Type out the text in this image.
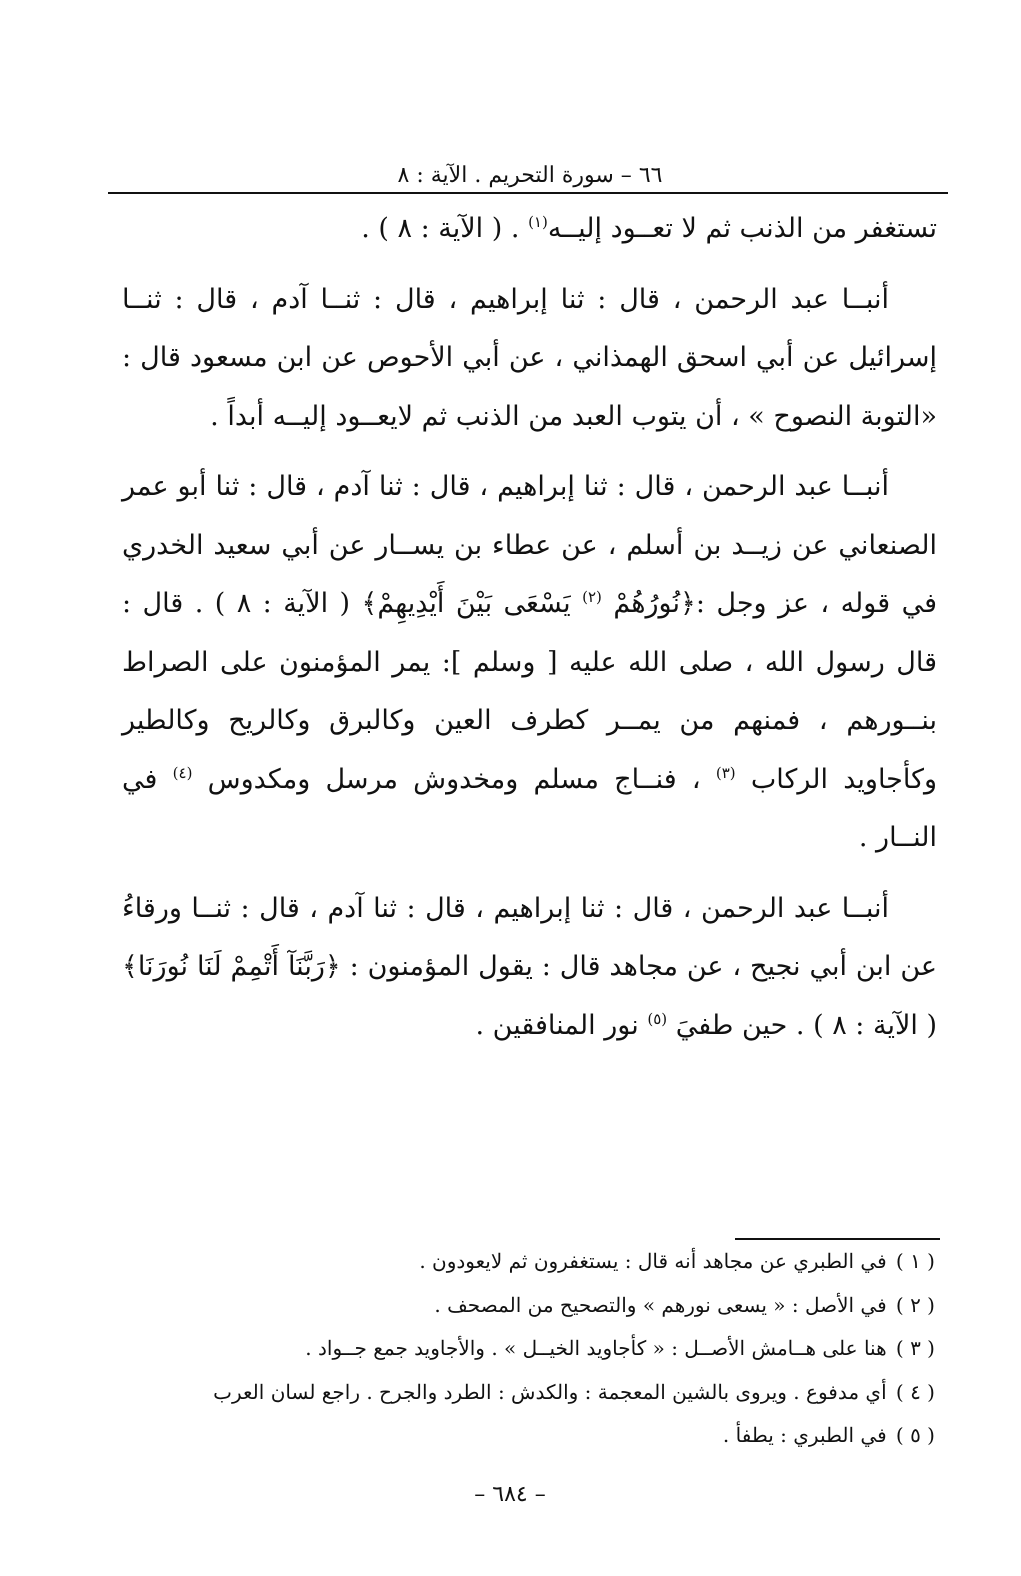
٦٦ – سورة التحريم . الآية : ٨

تستغفر من الذنب ثم لا تعــود إليــه$^{(١)}$ . ( الآية : ٨ ) .

أنبــا عبد الرحمن ، قال : ثنا إبراهيم ، قال : ثنــا آدم ، قال : ثنــا إسرائيل عن أبي اسحق الهمذاني ، عن أبي الأحوص عن ابن مسعود قال : «التوبة النصوح » ، أن يتوب العبد من الذنب ثم لايعــود إليــه أبداً .

أنبــا عبد الرحمن ، قال : ثنا إبراهيم ، قال : ثنا آدم ، قال : ثنا أبو عمر الصنعاني عن زيــد بن أسلم ، عن عطاء بن يســار عن أبي سعيد الخدري في قوله ، عز وجل :﴿نُورُهُمْ $^{(٢)}$ يَسْعَى بَيْنَ أَيْدِيهِمْ﴾ ( الآية : ٨ ) . قال : قال رسول الله ، صلى الله عليه [ وسلم ]: يمر المؤمنون على الصراط بنــورهم ، فمنهم من يمــر كطرف العين وكالبرق وكالريح وكالطير وكأجاويد الركاب $^{(٣)}$ ، فنــاج مسلم ومخدوش مرسل ومكدوس $^{(٤)}$ في النــار .

أنبــا عبد الرحمن ، قال : ثنا إبراهيم ، قال : ثنا آدم ، قال : ثنــا ورقاءُ عن ابن أبي نجيح ، عن مجاهد قال : يقول المؤمنون : ﴿رَبَّنَآ أَتْمِمْ لَنَا نُورَنَا﴾ ( الآية : ٨ ) . حين طفيَ $^{(٥)}$ نور المنافقين .

( ١ ) في الطبري عن مجاهد أنه قال : يستغفرون ثم لايعودون .
( ٢ ) في الأصل : « يسعى نورهم » والتصحيح من المصحف .
( ٣ ) هنا على هــامش الأصــل : « كأجاويد الخيــل » . والأجاويد جمع جــواد .
( ٤ ) أي مدفوع . ويروى بالشين المعجمة : والكدش : الطرد والجرح . راجع لسان العرب
( ٥ ) في الطبري : يطفأ .
– ٦٨٤ –
